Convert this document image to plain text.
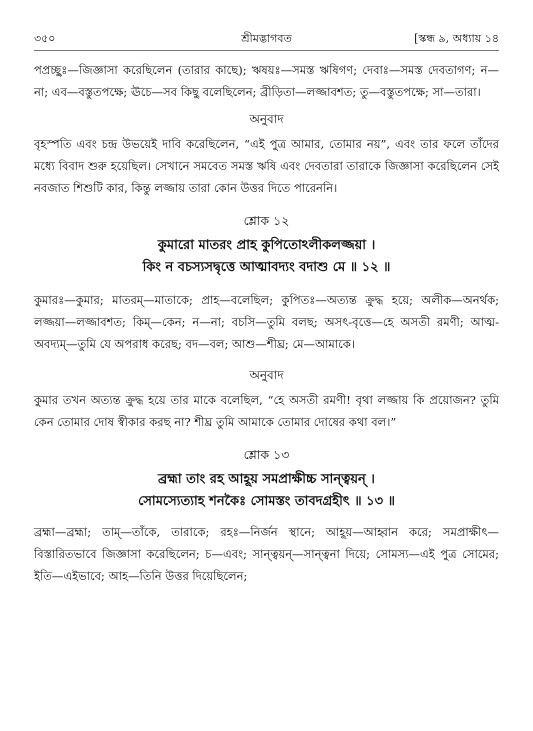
৩৫০	শ্রীমদ্ভাগবত	[স্কন্ধ ৯, অধ্যায় ১৪

পপ্রচ্ছুঃ—জিজ্ঞাসা করেছিলেন (তারার কাছে); ঋষয়ঃ—সমস্ত ঋষিগণ; দেবাঃ—সমস্ত দেবতাগণ; ন—না; এব—বস্তুতপক্ষে; ঊচে—সব কিছু বলেছিলেন; ব্রীড়িতা—লজ্জাবশত; তু—বস্তুতপক্ষে; সা—তারা।

অনুবাদ

বৃহস্পতি এবং চন্দ্র উভয়েই দাবি করেছিলেন, “এই পুত্র আমার, তোমার নয়”, এবং তার ফলে তাঁদের মধ্যে বিবাদ শুরু হয়েছিল। সেখানে সমবেত সমস্ত ঋষি এবং দেবতারা তারাকে জিজ্ঞাসা করেছিলেন সেই নবজাত শিশুটি কার, কিন্তু লজ্জায় তারা কোন উত্তর দিতে পারেননি।

শ্লোক ১২

কুমারো মাতরং প্রাহ কুপিতোঽলীকলজ্জয়া ।

কিং ন বচস্যসদ্বৃত্তে আত্মাবদ্যং বদাশু মে ॥ ১২ ॥

কুমারঃ—কুমার; মাতরম্—মাতাকে; প্রাহ—বলেছিল; কুপিতঃ—অত্যন্ত ক্রুদ্ধ হয়ে; অলীক—অনর্থক; লজ্জয়া—লজ্জাবশত; কিম্—কেন; ন—না; বচসি—তুমি বলছ; অসৎ-বৃত্তে—হে অসতী রমণী; আত্ম-অবদ্যম্—তুমি যে অপরাধ করেছ; বদ—বল; আশু—শীঘ্র; মে—আমাকে।

অনুবাদ

কুমার তখন অত্যন্ত ক্রুদ্ধ হয়ে তার মাকে বলেছিল, “হে অসতী রমণী! বৃথা লজ্জায় কি প্রয়োজন? তুমি কেন তোমার দোষ স্বীকার করছ না? শীঘ্র তুমি আমাকে তোমার দোষের কথা বল।”

শ্লোক ১৩

ব্রহ্মা তাং রহ আহূয় সমপ্রাক্ষীচ্চ সান্ত্বয়ন্ ।

সোমস্যেত্যাহ শনকৈঃ সোমস্তং তাবদগ্রহীৎ ॥ ১৩ ॥

ব্রহ্মা—ব্রহ্মা; তাম্—তাঁকে, তারাকে; রহঃ—নির্জন স্থানে; আহূয়—আহ্বান করে; সমপ্রাক্ষীৎ—বিস্তারিতভাবে জিজ্ঞাসা করেছিলেন; চ—এবং; সান্ত্বয়ন্—সান্ত্বনা দিয়ে; সোমস্য—এই পুত্র সোমের; ইতি—এইভাবে; আহ—তিনি উত্তর দিয়েছিলেন;
